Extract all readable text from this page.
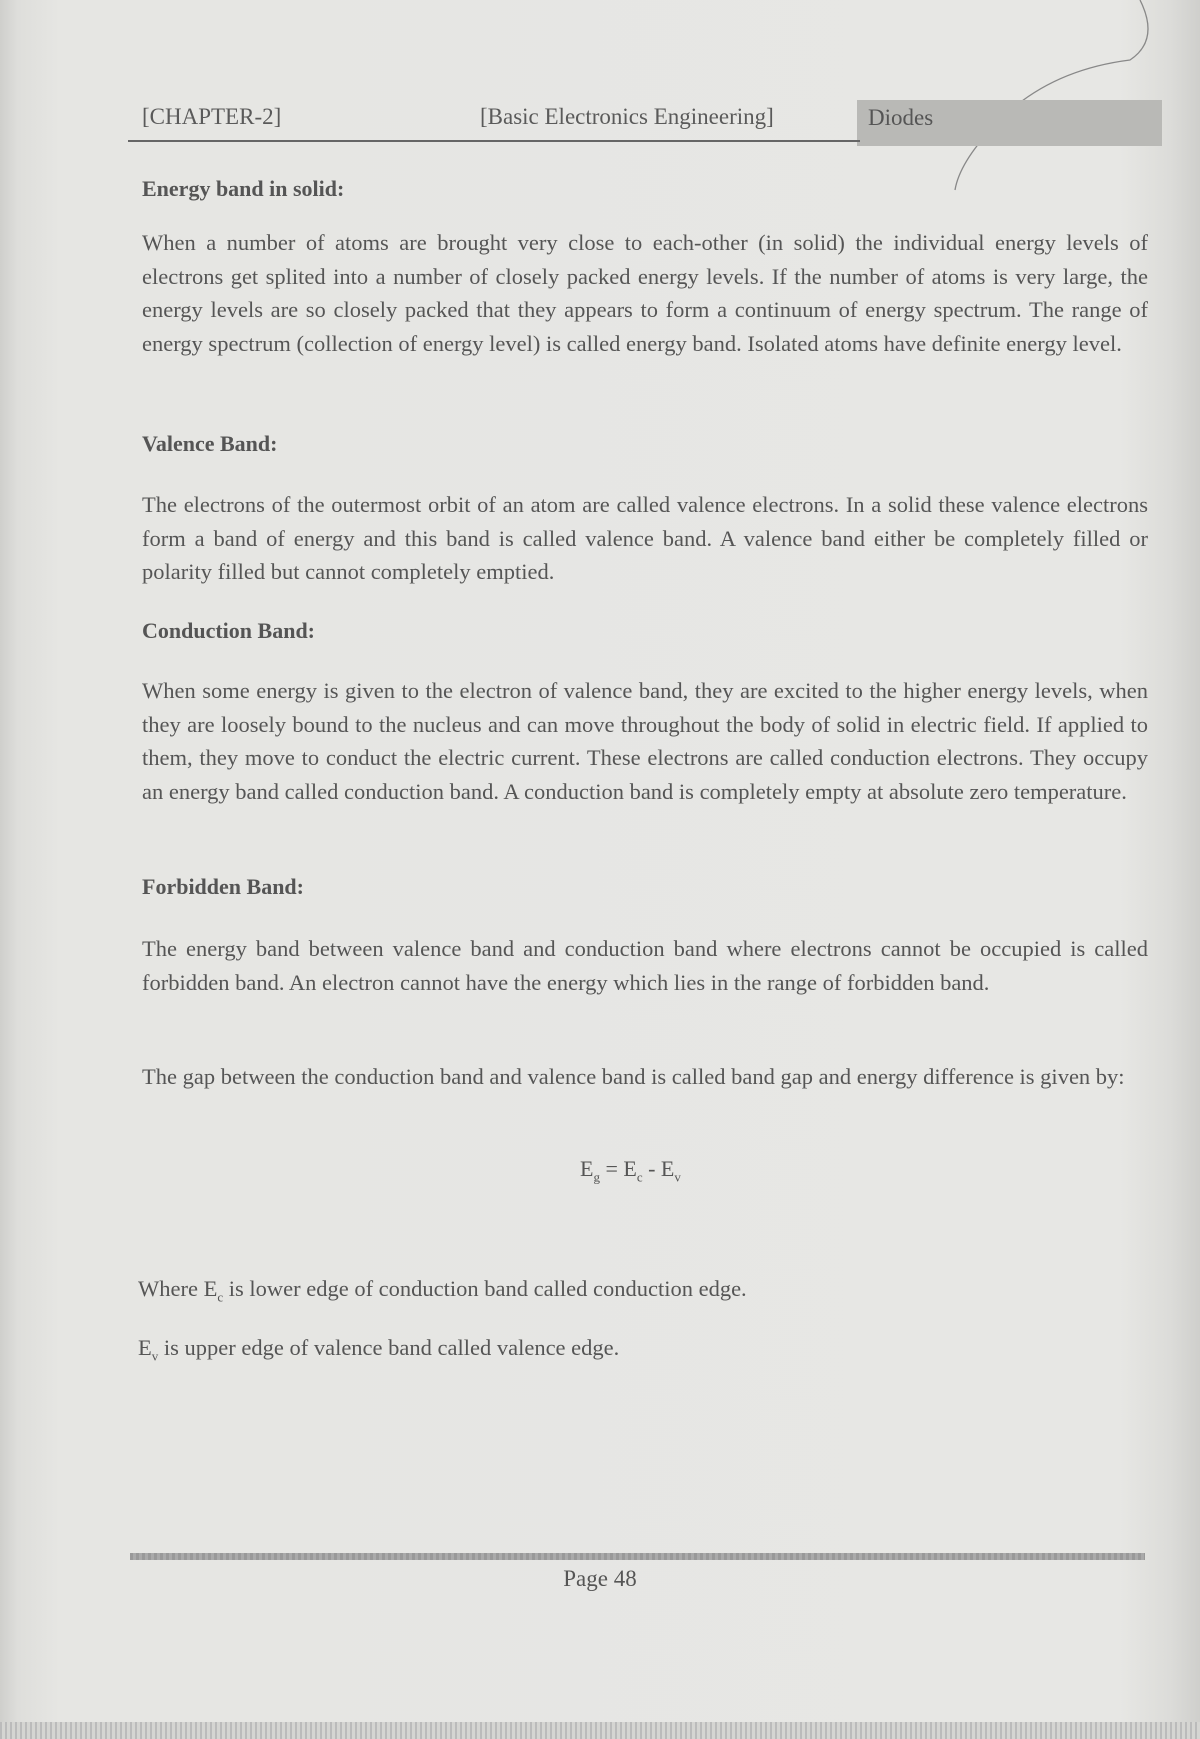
[CHAPTER-2]	[Basic Electronics Engineering]	Diodes
Energy band in solid:

When a number of atoms are brought very close to each-other (in solid) the individual energy levels of electrons get splited into a number of closely packed energy levels. If the number of atoms is very large, the energy levels are so closely packed that they appears to form a continuum of energy spectrum. The range of energy spectrum (collection of energy level) is called energy band. Isolated atoms have definite energy level.

Valence Band:

The electrons of the outermost orbit of an atom are called valence electrons. In a solid these valence electrons form a band of energy and this band is called valence band. A valence band either be completely filled or polarity filled but cannot completely emptied.

Conduction Band:

When some energy is given to the electron of valence band, they are excited to the higher energy levels, when they are loosely bound to the nucleus and can move throughout the body of solid in electric field. If applied to them, they move to conduct the electric current. These electrons are called conduction electrons. They occupy an energy band called conduction band. A conduction band is completely empty at absolute zero temperature.

Forbidden Band:

The energy band between valence band and conduction band where electrons cannot be occupied is called forbidden band. An electron cannot have the energy which lies in the range of forbidden band.

The gap between the conduction band and valence band is called band gap and energy difference is given by:

$E_g = E_c - E_v$
Where $E_c$ is lower edge of conduction band called conduction edge.
$E_v$ is upper edge of valence band called valence edge.
Page 48
